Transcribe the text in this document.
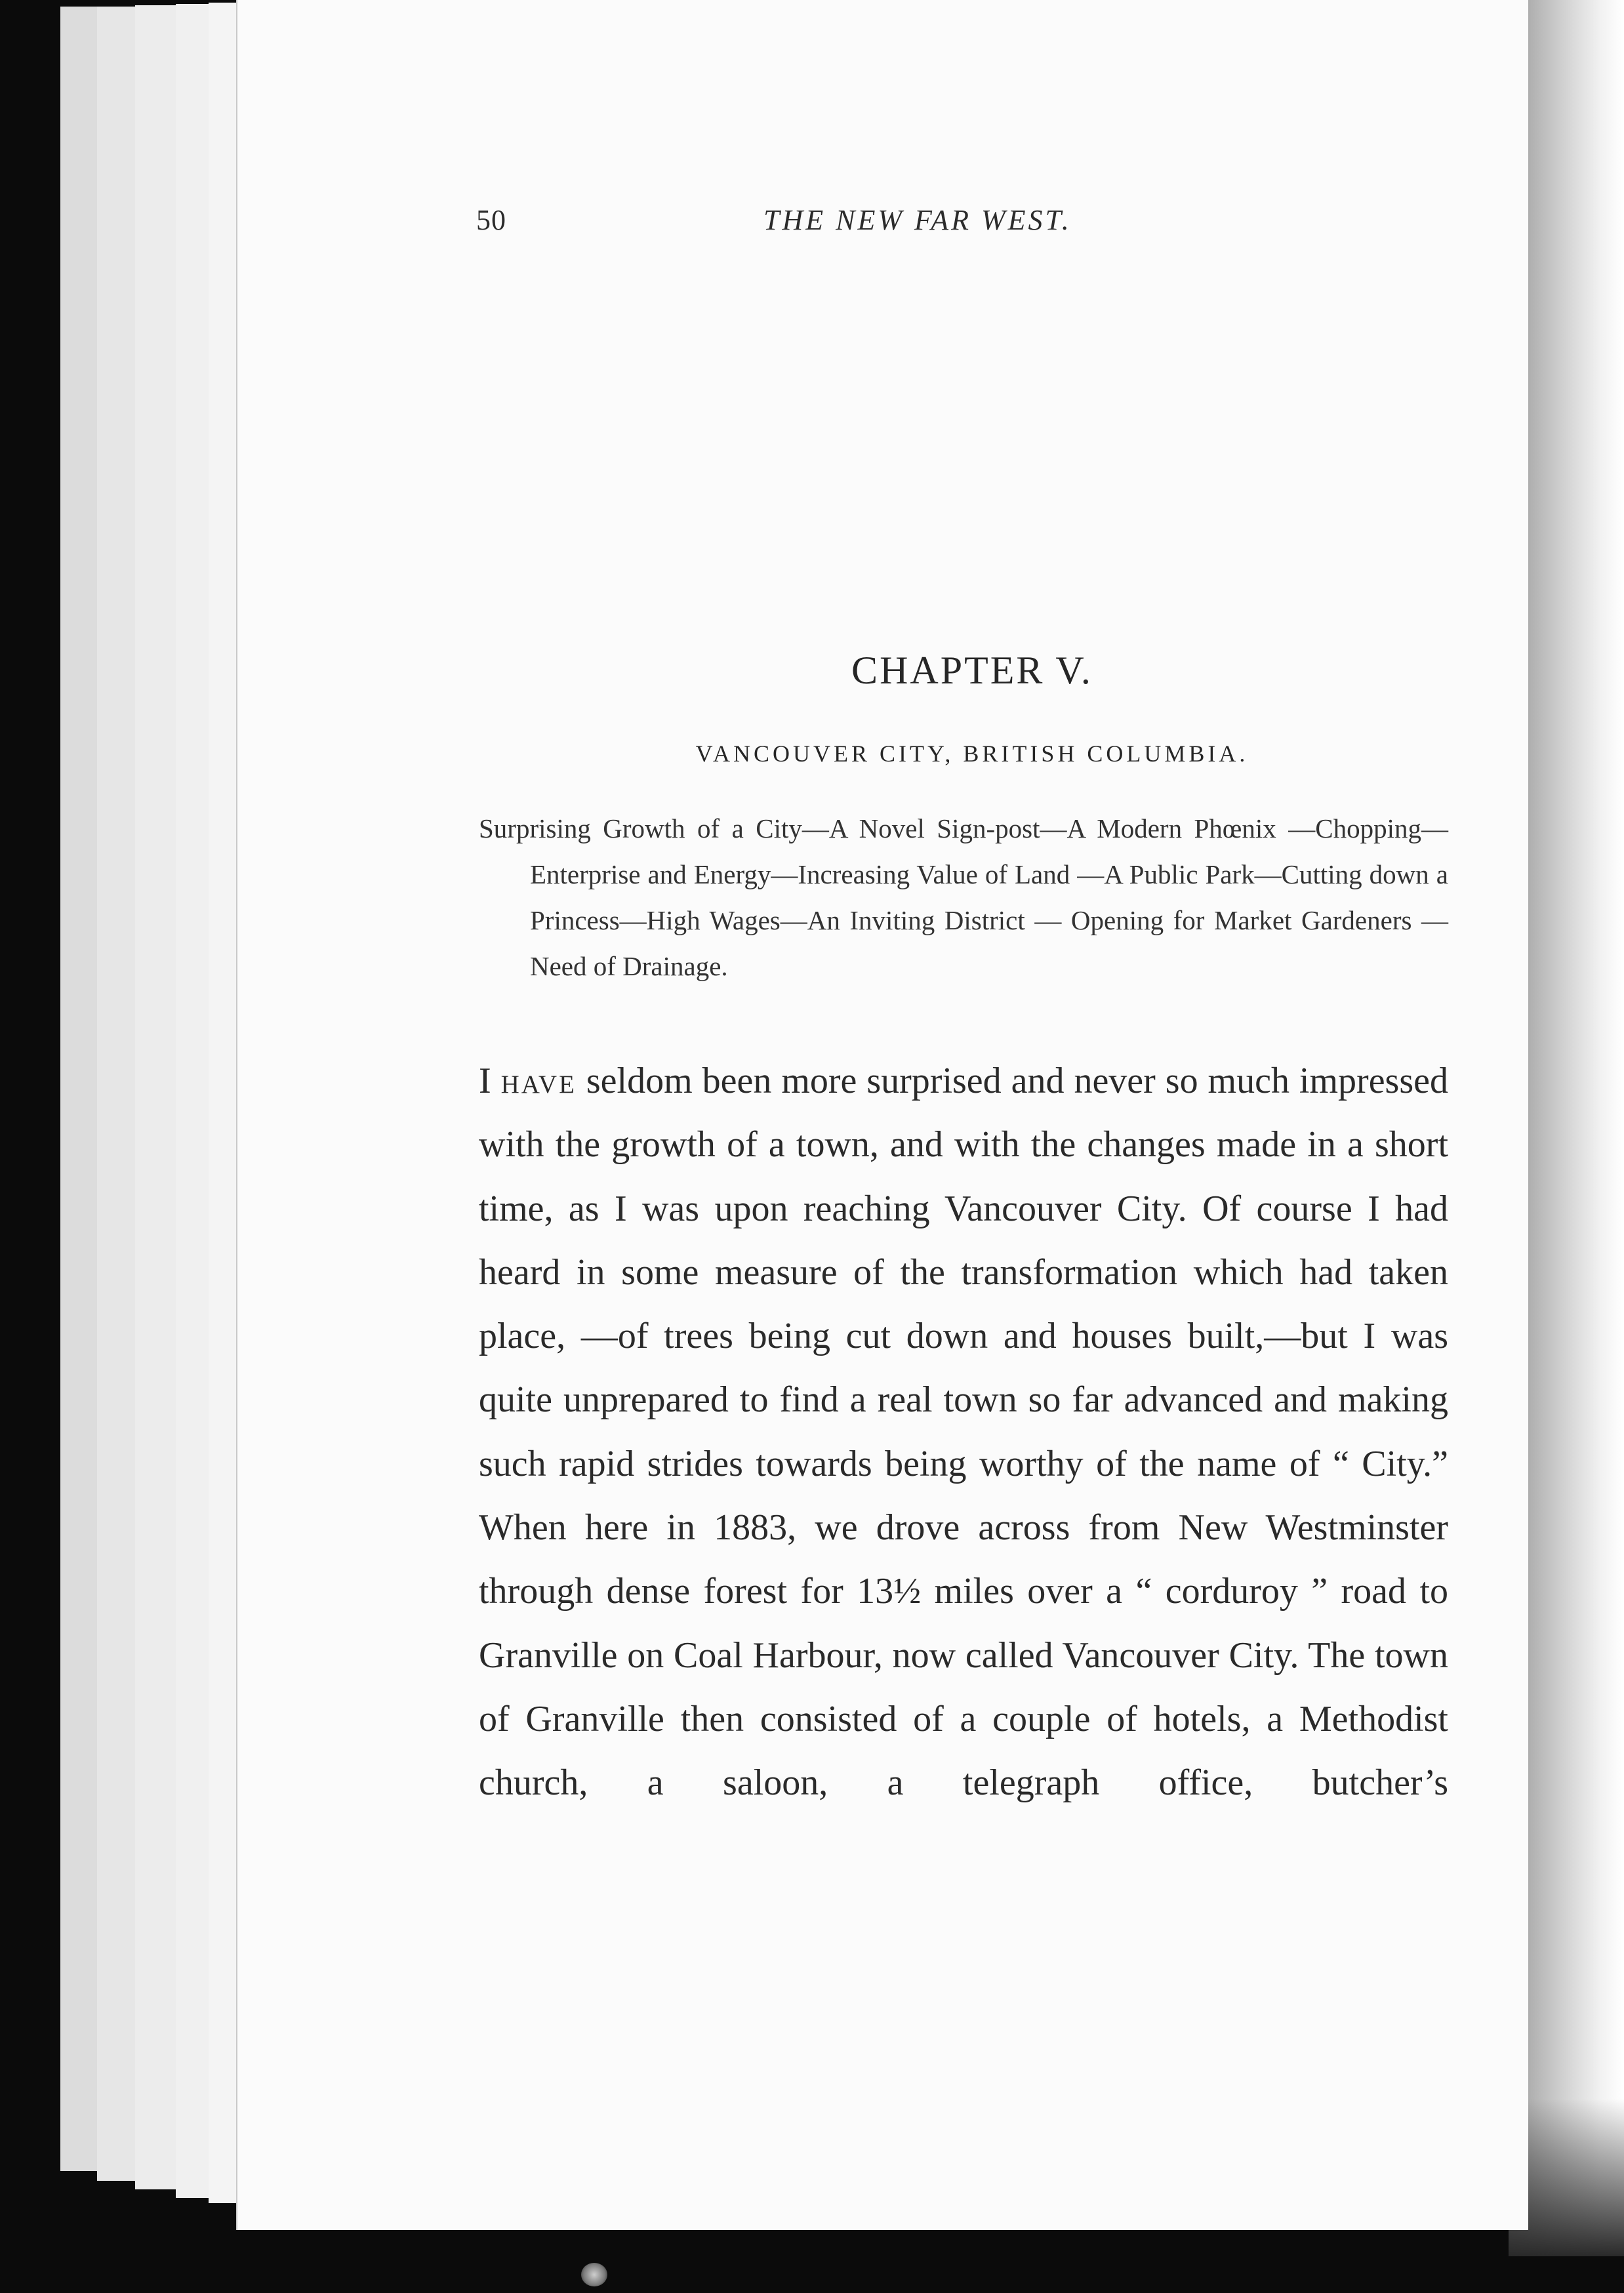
50	THE NEW FAR WEST.
CHAPTER V.
VANCOUVER CITY, BRITISH COLUMBIA.
Surprising Growth of a City—A Novel Sign-post—A Modern Phœnix —Chopping—Enterprise and Energy—Increasing Value of Land —A Public Park—Cutting down a Princess—High Wages—An Inviting District — Opening for Market Gardeners — Need of Drainage.
I have seldom been more surprised and never so much impressed with the growth of a town, and with the changes made in a short time, as I was upon reaching Vancouver City. Of course I had heard in some measure of the transformation which had taken place, —of trees being cut down and houses built,—but I was quite unprepared to find a real town so far advanced and making such rapid strides towards being worthy of the name of “ City.” When here in 1883, we drove across from New Westminster through dense forest for 13½ miles over a “ corduroy ” road to Granville on Coal Harbour, now called Vancouver City. The town of Granville then consisted of a couple of hotels, a Methodist church, a saloon, a telegraph office, butcher’s
